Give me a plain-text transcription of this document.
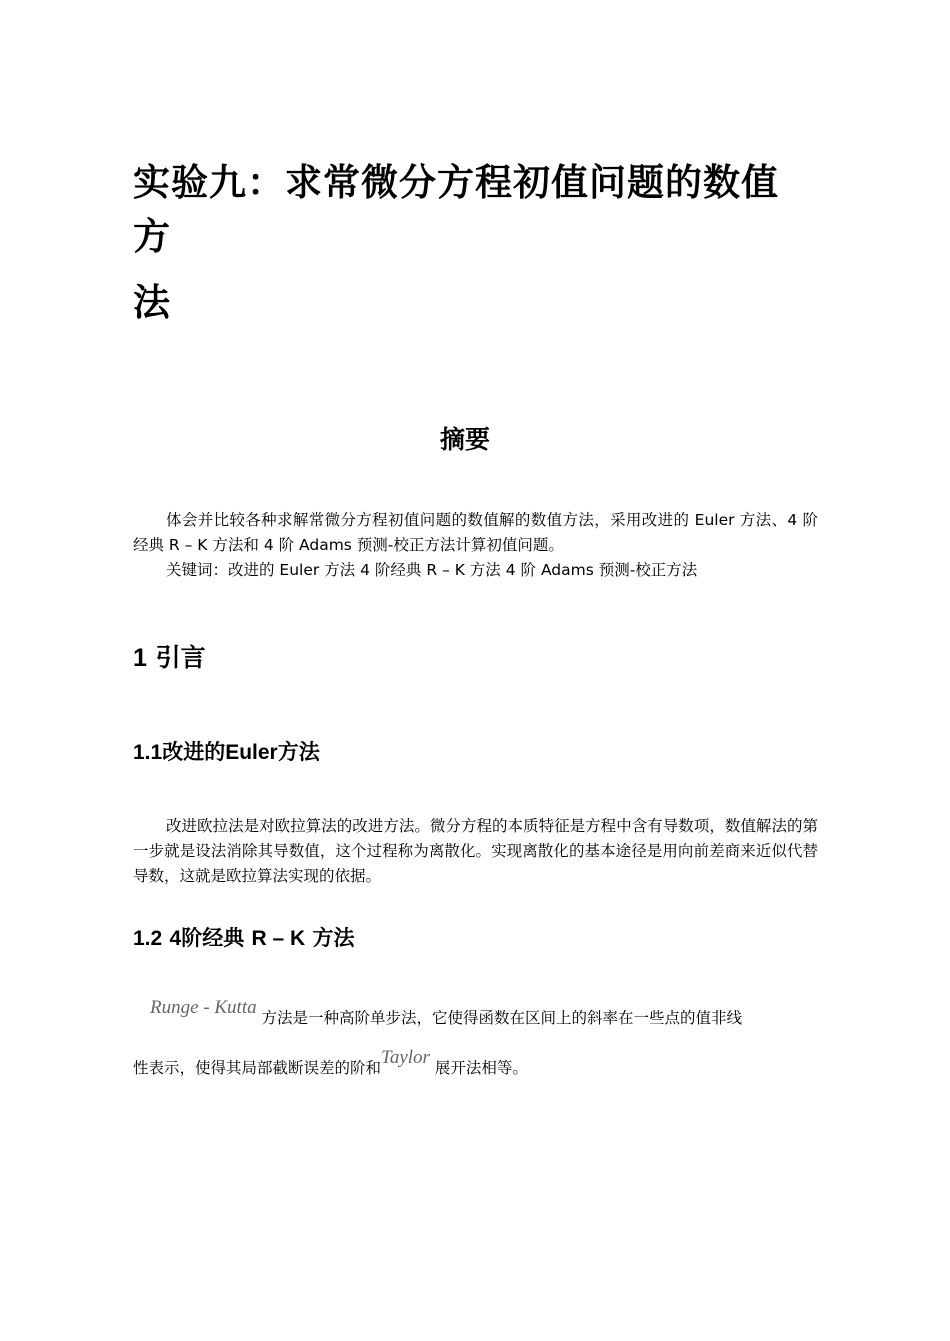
实验九：求常微分方程初值问题的数值方
法
摘要

体会并比较各种求解常微分方程初值问题的数值解的数值方法，采用改进的 Euler 方法、4 阶经典 R – K 方法和 4 阶 Adams 预测-校正方法计算初值问题。

关键词：改进的 Euler 方法 4 阶经典 R – K 方法 4 阶 Adams 预测-校正方法

1 引言
1.1改进的Euler方法

改进欧拉法是对欧拉算法的改进方法。微分方程的本质特征是方程中含有导数项，数值解法的第一步就是设法消除其导数值，这个过程称为离散化。实现离散化的基本途径是用向前差商来近似代替导数，这就是欧拉算法实现的依据。

1.2 4阶经典 R – K 方法

Runge - Kutta 方法是一种高阶单步法，它使得函数在区间上的斜率在一些点的值非线

性表示，使得其局部截断误差的阶和Taylor 展开法相等。
